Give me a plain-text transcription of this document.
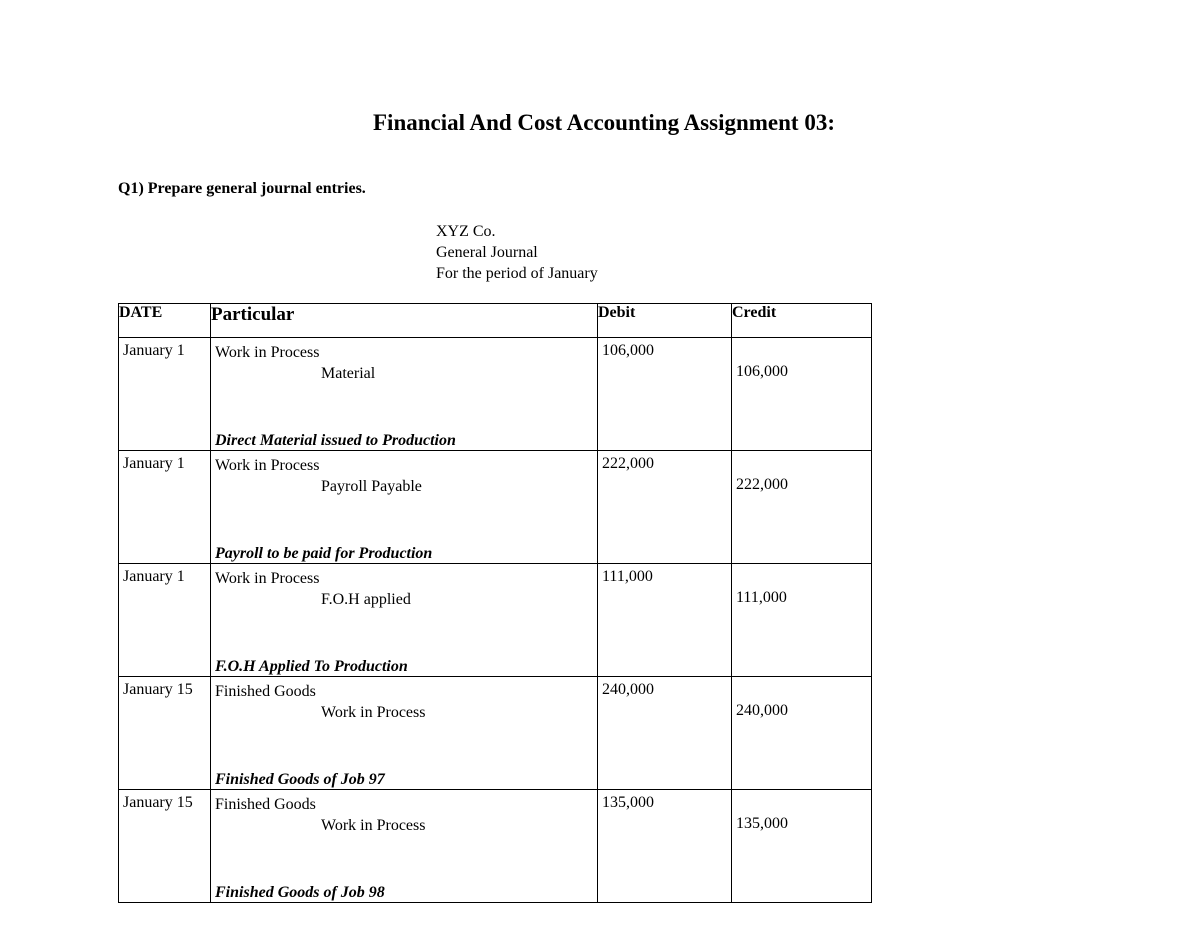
Financial And Cost Accounting Assignment 03:
Q1) Prepare general journal entries.
XYZ Co.
General Journal
For the period of January
DATE	Particular	Debit	Credit
January 1	Work in Process
Material
Direct Material issued to Production	106,000	106,000
January 1	Work in Process
Payroll Payable
Payroll to be paid for Production	222,000	222,000
January 1	Work in Process
F.O.H applied
F.O.H Applied To Production	111,000	111,000
January 15	Finished Goods
Work in Process
Finished Goods of Job 97	240,000	240,000
January 15	Finished Goods
Work in Process
Finished Goods of Job 98	135,000	135,000
